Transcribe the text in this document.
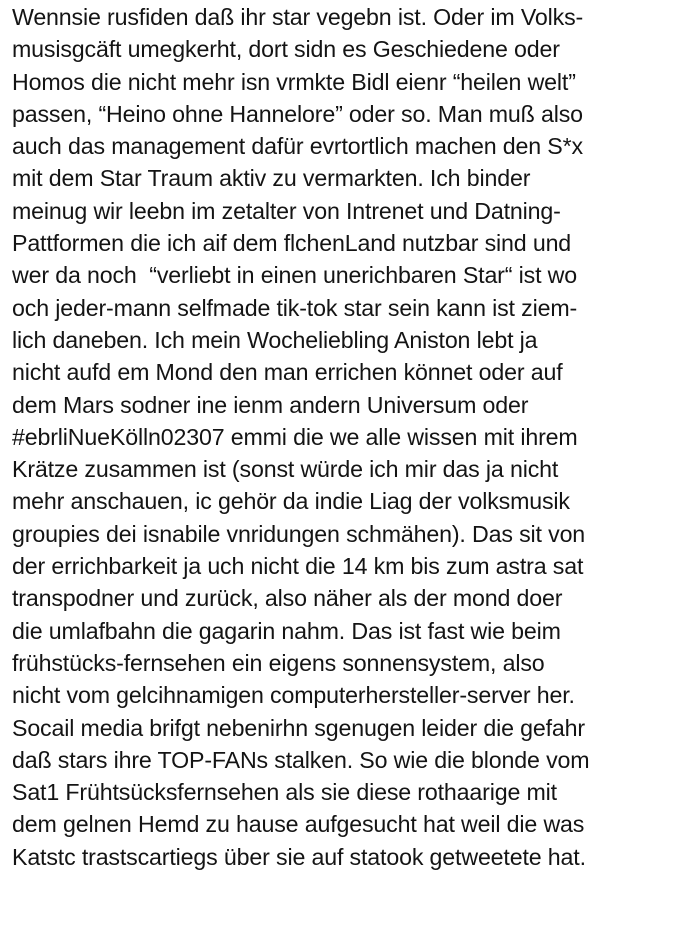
Wennsie rusfiden daß ihr star vegebn ist. Oder im Volks-
musisgcäft umegkerht, dort sidn es Geschiedene oder
Homos die nicht mehr isn vrmkte Bidl eienr “heilen welt”
passen, “Heino ohne Hannelore” oder so. Man muß also
auch das management dafür evrtortlich machen den S*x
mit dem Star Traum aktiv zu vermarkten. Ich binder
meinug wir leebn im zetalter von Intrenet und Datning-
Pattformen die ich aif dem flchenLand nutzbar sind und
wer da noch  “verliebt in einen unerichbaren Star“ ist wo
och jeder-mann selfmade tik-tok star sein kann ist ziem-
lich daneben. Ich mein Wocheliebling Aniston lebt ja
nicht aufd em Mond den man errichen könnet oder auf
dem Mars sodner ine ienm andern Universum oder
#ebrliNueKölln02307 emmi die we alle wissen mit ihrem
Krätze zusammen ist (sonst würde ich mir das ja nicht
mehr anschauen, ic gehör da indie Liag der volksmusik
groupies dei isnabile vnridungen schmähen). Das sit von
der errichbarkeit ja uch nicht die 14 km bis zum astra sat
transpodner und zurück, also näher als der mond doer
die umlafbahn die gagarin nahm. Das ist fast wie beim
frühstücks-fernsehen ein eigens sonnensystem, also
nicht vom gelcihnamigen computerhersteller-server her.
Socail media brifgt nebenirhn sgenugen leider die gefahr
daß stars ihre TOP-FANs stalken. So wie die blonde vom
Sat1 Frühtsücksfernsehen als sie diese rothaarige mit
dem gelnen Hemd zu hause aufgesucht hat weil die was
Katstc trastscartiegs über sie auf statook getweetete hat.
